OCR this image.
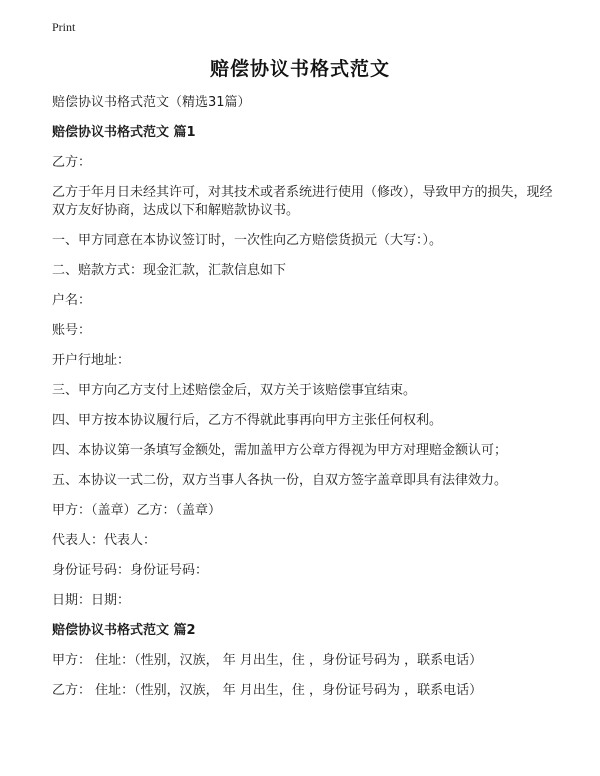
Print
赔偿协议书格式范文

赔偿协议书格式范文（精选31篇）

赔偿协议书格式范文 篇1

乙方：

乙方于年月日未经其许可，对其技术或者系统进行使用（修改），导致甲方的损失，现经双方友好协商，达成以下和解赔款协议书。

一、甲方同意在本协议签订时，一次性向乙方赔偿货损元（大写：）。

二、赔款方式：现金汇款，汇款信息如下

户名：

账号：

开户行地址：

三、甲方向乙方支付上述赔偿金后，双方关于该赔偿事宜结束。

四、甲方按本协议履行后，乙方不得就此事再向甲方主张任何权利。

四、本协议第一条填写金额处，需加盖甲方公章方得视为甲方对理赔金额认可；

五、本协议一式二份，双方当事人各执一份，自双方签字盖章即具有法律效力。

甲方：（盖章）乙方：（盖章）

代表人：代表人：

身份证号码：身份证号码：

日期：日期：

赔偿协议书格式范文 篇2

甲方： 住址：（性别，汉族， 年 月出生，住 ，身份证号码为 ，联系电话）

乙方： 住址：（性别，汉族， 年 月出生，住 ，身份证号码为 ，联系电话）
